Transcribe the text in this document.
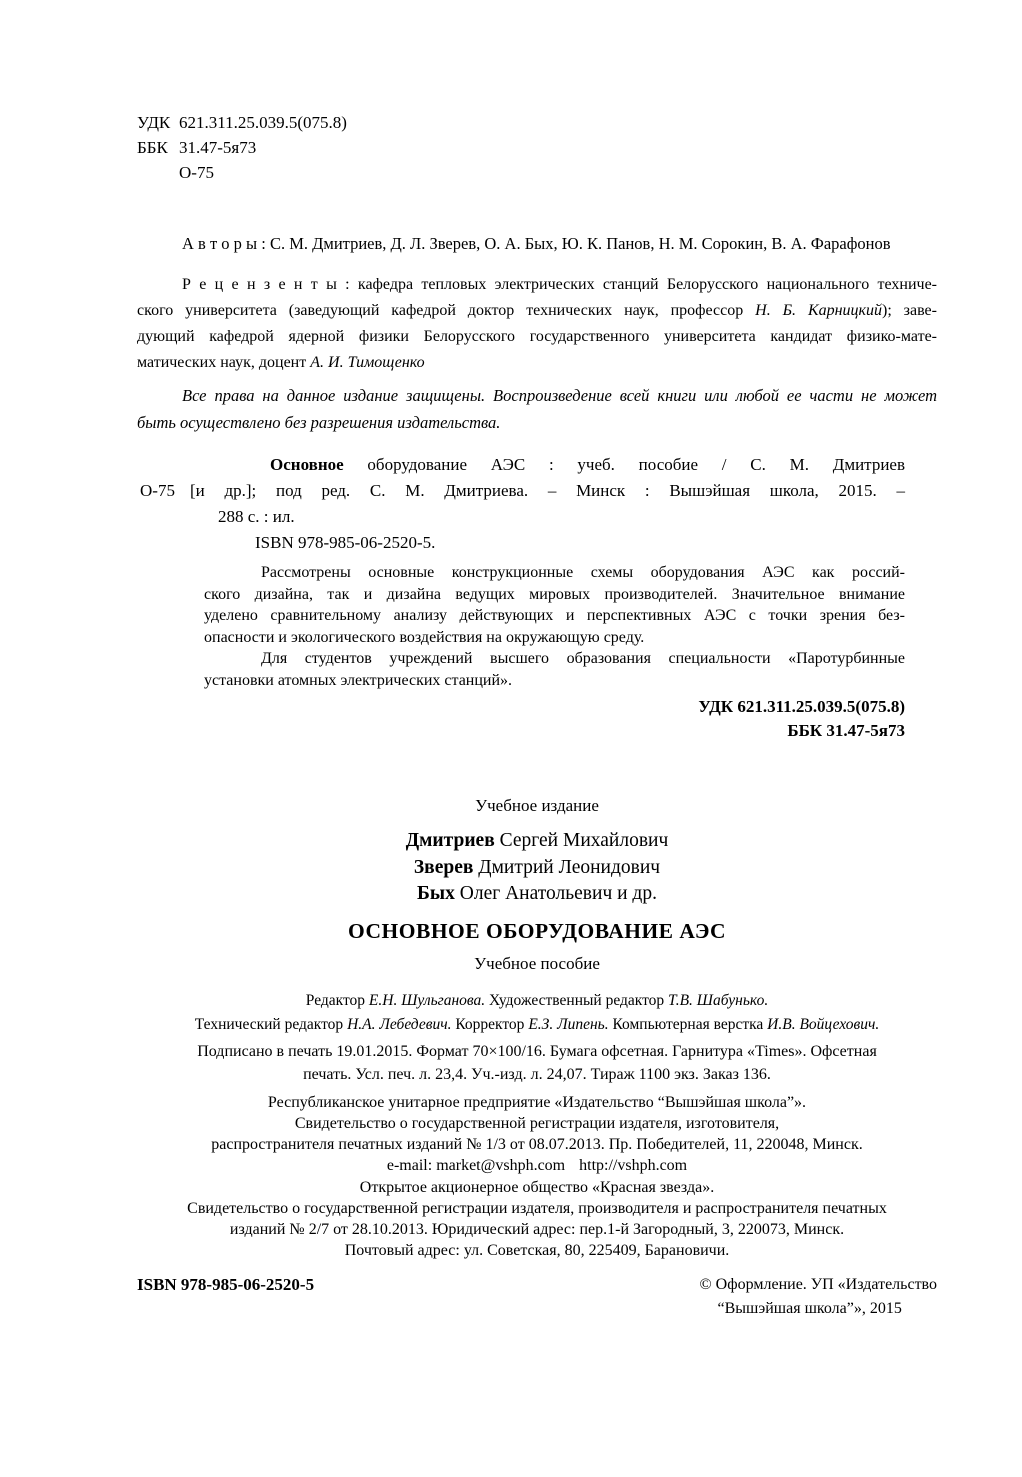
УДК 621.311.25.039.5(075.8)
ББК 31.47-5я73
О-75
А в т о р ы : С. М. Дмитриев, Д. Л. Зверев, О. А. Бых, Ю. К. Панов, Н. М. Сорокин, В. А. Фарафонов
Р е ц е н з е н т ы : кафедра тепловых электрических станций Белорусского национального техниче-
ского университета (заведующий кафедрой доктор технических наук, профессор Н. Б. Карницкий); заве-
дующий кафедрой ядерной физики Белорусского государственного университета кандидат физико-мате-
матических наук, доцент А. И. Тимощенко
Все права на данное издание защищены. Воспроизведение всей книги или любой ее части не может
быть осуществлено без разрешения издательства.
О-75
Основное оборудование АЭС : учеб. пособие / С. М. Дмитриев
[и др.]; под ред. С. М. Дмитриева. – Минск : Вышэйшая школа, 2015. –
288 с. : ил.
ISBN 978-985-06-2520-5.
Рассмотрены основные конструкционные схемы оборудования АЭС как россий-
ского дизайна, так и дизайна ведущих мировых производителей. Значительное внимание
уделено сравнительному анализу действующих и перспективных АЭС с точки зрения без-
опасности и экологического воздействия на окружающую среду.
Для студентов учреждений высшего образования специальности «Паротурбинные
установки атомных электрических станций».
УДК 621.311.25.039.5(075.8)
ББК 31.47-5я73
Учебное издание
Дмитриев Сергей Михайлович
Зверев Дмитрий Леонидович
Бых Олег Анатольевич и др.
ОСНОВНОЕ ОБОРУДОВАНИЕ АЭС
Учебное пособие
Редактор Е.Н. Шульганова. Художественный редактор Т.В. Шабунько.
Технический редактор Н.А. Лебедевич. Корректор Е.З. Липень. Компьютерная верстка И.В. Войцехович.
Подписано в печать 19.01.2015. Формат 70×100/16. Бумага офсетная. Гарнитура «Times». Офсетная
печать. Усл. печ. л. 23,4. Уч.-изд. л. 24,07. Тираж 1100 экз. Заказ 136.
Республиканское унитарное предприятие «Издательство “Вышэйшая школа”».
Свидетельство о государственной регистрации издателя, изготовителя,
распространителя печатных изданий № 1/3 от 08.07.2013. Пр. Победителей, 11, 220048, Минск.
e-mail: market@vshph.com http://vshph.com
Открытое акционерное общество «Красная звезда».
Свидетельство о государственной регистрации издателя, производителя и распространителя печатных
изданий № 2/7 от 28.10.2013. Юридический адрес: пер.1-й Загородный, 3, 220073, Минск.
Почтовый адрес: ул. Советская, 80, 225409, Барановичи.
ISBN 978-985-06-2520-5	© Оформление. УП «Издательство
“Вышэйшая школа”», 2015
